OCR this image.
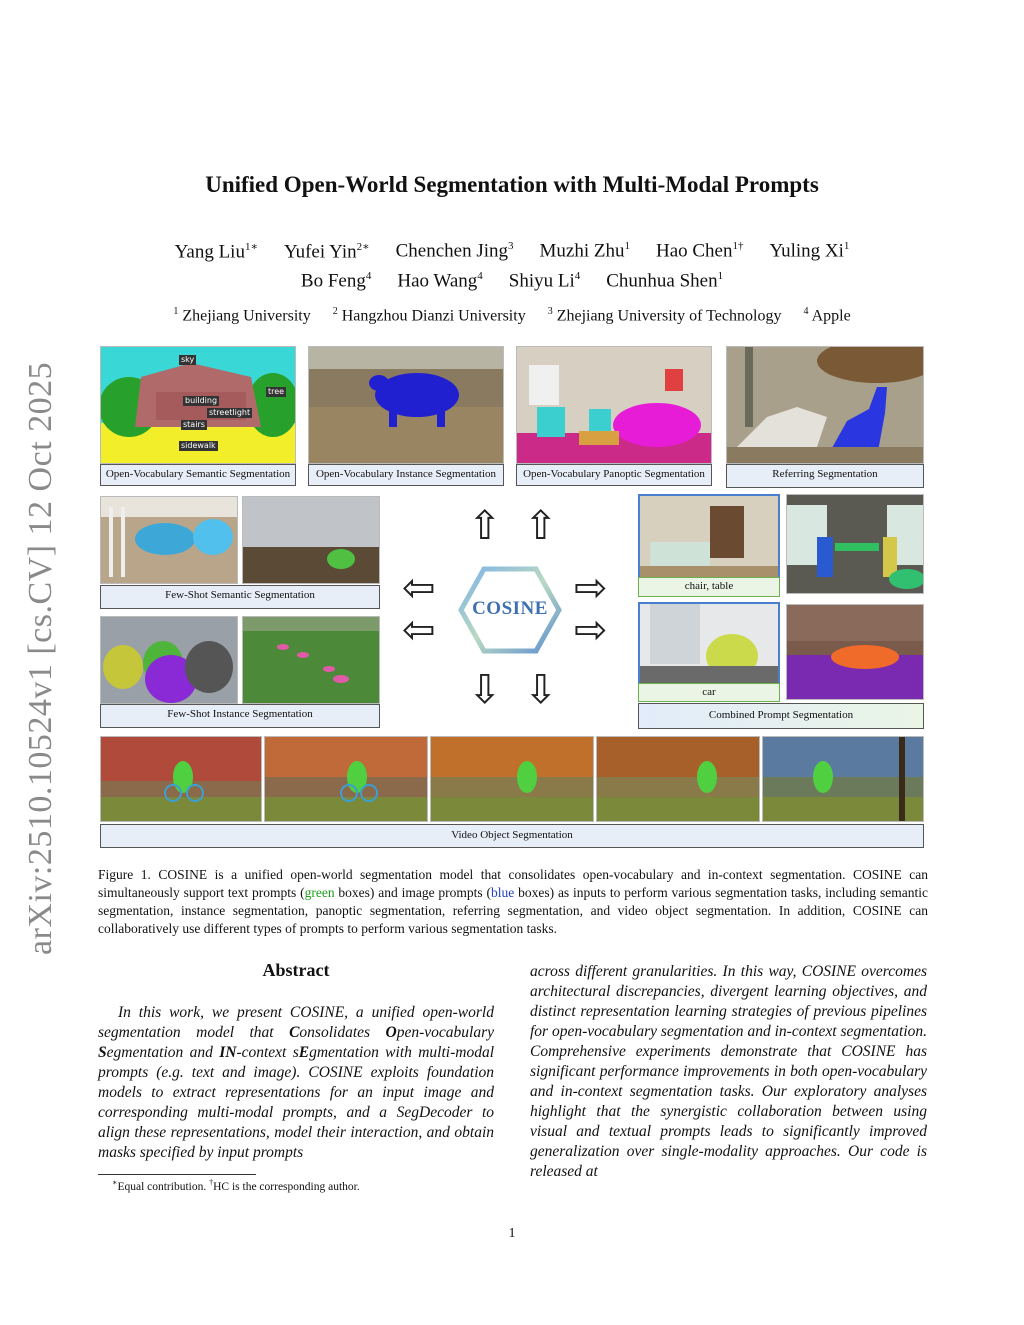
arXiv:2510.10524v1 [cs.CV] 12 Oct 2025
Unified Open-World Segmentation with Multi-Modal Prompts
Yang Liu$^{1∗}$ Yufei Yin$^{2∗}$ Chenchen Jing$^3$ Muzhi Zhu$^1$ Hao Chen$^{1\dagger}$ Yuling Xi$^1$
Bo Feng$^4$ Hao Wang$^4$ Shiyu Li$^4$ Chunhua Shen$^1$
$^1$ Zhejiang University $^2$ Hangzhou Dianzi University $^3$ Zhejiang University of Technology $^4$ Apple
sky
tree
building
streetlight
stairs
sidewalk
Open-Vocabulary Semantic Segmentation	Open-Vocabulary Instance Segmentation	Open-Vocabulary Panoptic Segmentation	Referring Segmentation
Few-Shot Semantic Segmentation
Few-Shot Instance Segmentation
⇧ ⇧
⇦
⇦
⇨
⇨
⇩ ⇩
COSINE
chair, table
car
Combined Prompt Segmentation
Video Object Segmentation
Figure 1. COSINE is a unified open-world segmentation model that consolidates open-vocabulary and in-context segmentation. COSINE can simultaneously support text prompts (green boxes) and image prompts (blue boxes) as inputs to perform various segmentation tasks, including semantic segmentation, instance segmentation, panoptic segmentation, referring segmentation, and video object segmentation. In addition, COSINE can collaboratively use different types of prompts to perform various segmentation tasks.
Abstract
In this work, we present COSINE, a unified open-world segmentation model that Consolidates Open-vocabulary Segmentation and IN-context sEgmentation with multi-modal prompts (e.g. text and image). COSINE exploits foundation models to extract representations for an input image and corresponding multi-modal prompts, and a SegDecoder to align these representations, model their interaction, and obtain masks specified by input prompts
across different granularities. In this way, COSINE overcomes architectural discrepancies, divergent learning objectives, and distinct representation learning strategies of previous pipelines for open-vocabulary segmentation and in-context segmentation. Comprehensive experiments demonstrate that COSINE has significant performance improvements in both open-vocabulary and in-context segmentation tasks. Our exploratory analyses highlight that the synergistic collaboration between using visual and textual prompts leads to significantly improved generalization over single-modality approaches. Our code is released at
∗Equal contribution. †HC is the corresponding author.
1
